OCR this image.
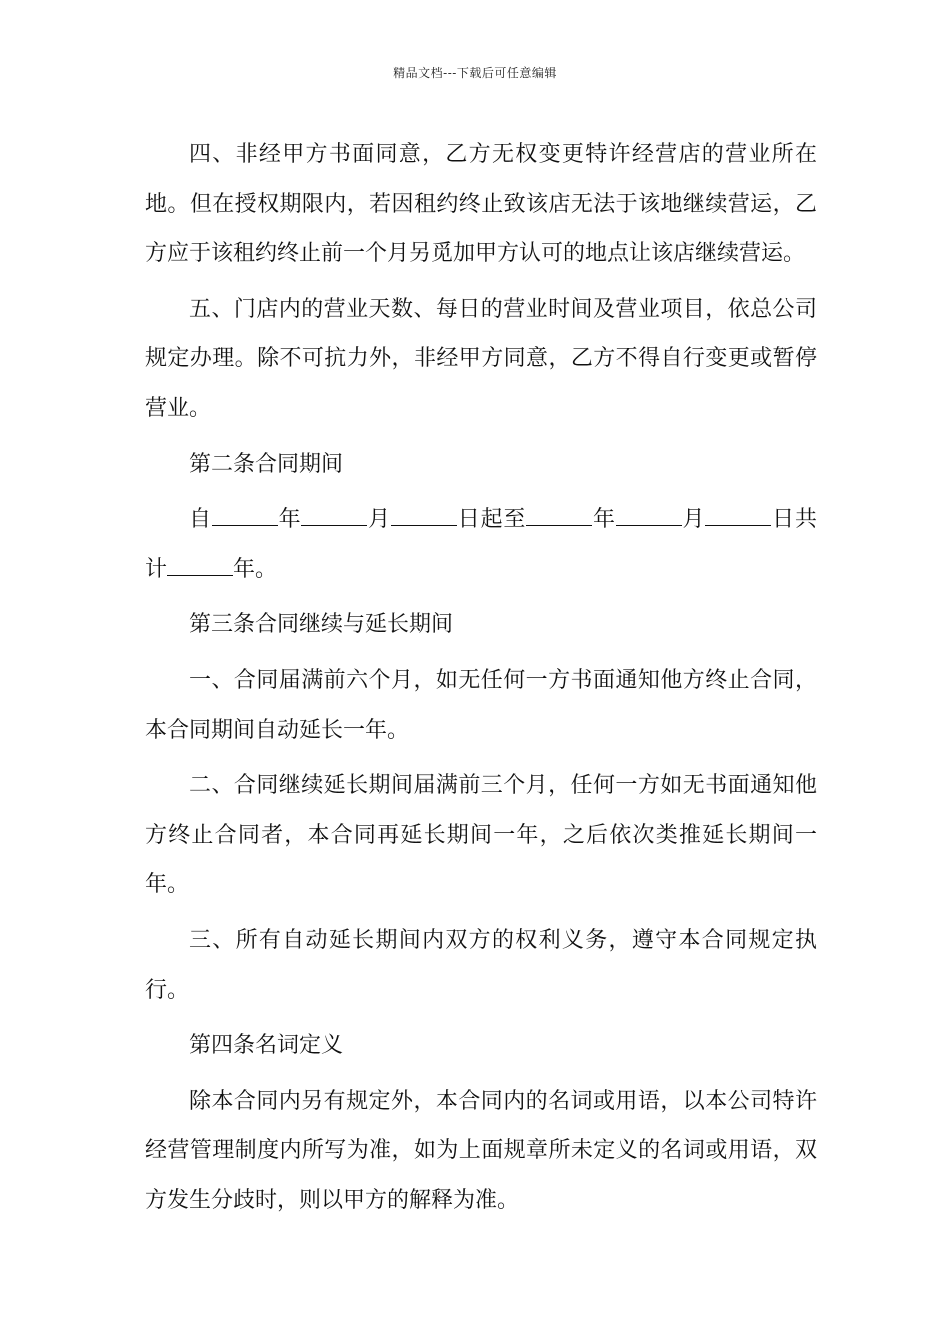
精品文档---下载后可任意编辑

四、非经甲方书面同意，乙方无权变更特许经营店的营业所在地。但在授权期限内，若因租约终止致该店无法于该地继续营运，乙方应于该租约终止前一个月另觅加甲方认可的地点让该店继续营运。

五、门店内的营业天数、每日的营业时间及营业项目，依总公司规定办理。除不可抗力外，非经甲方同意，乙方不得自行变更或暂停营业。

第二条合同期间

自	年	月	日起至	年	月	日共计	年。

第三条合同继续与延长期间

一、合同届满前六个月，如无任何一方书面通知他方终止合同，本合同期间自动延长一年。

二、合同继续延长期间届满前三个月，任何一方如无书面通知他方终止合同者，本合同再延长期间一年，之后依次类推延长期间一年。

三、所有自动延长期间内双方的权利义务，遵守本合同规定执行。

第四条名词定义

除本合同内另有规定外，本合同内的名词或用语，以本公司特许经营管理制度内所写为准，如为上面规章所未定义的名词或用语，双方发生分歧时，则以甲方的解释为准。
